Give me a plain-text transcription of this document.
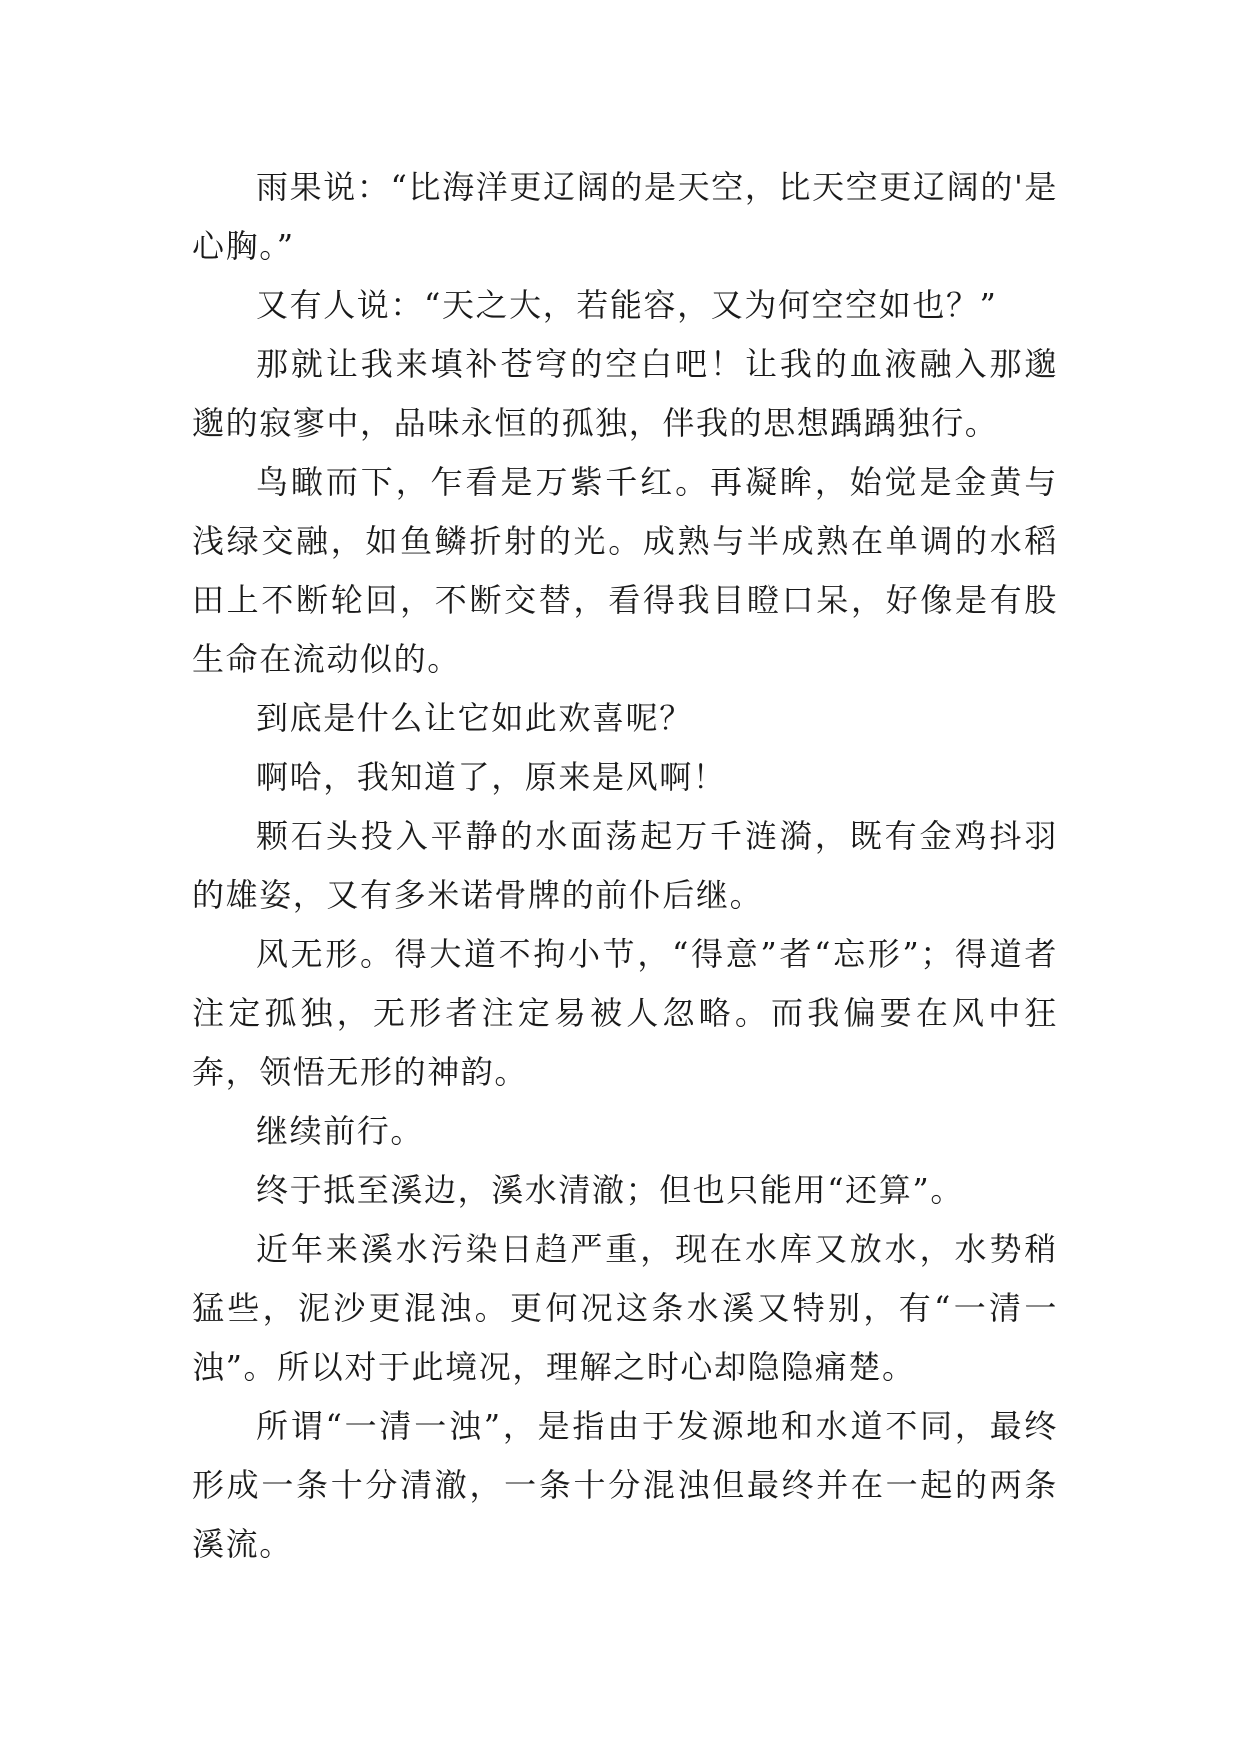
雨果说：“比海洋更辽阔的是天空，比天空更辽阔的'是心胸。”

又有人说：“天之大，若能容，又为何空空如也？”

那就让我来填补苍穹的空白吧！让我的血液融入那邈邈的寂寥中，品味永恒的孤独，伴我的思想踽踽独行。

鸟瞰而下，乍看是万紫千红。再凝眸，始觉是金黄与浅绿交融，如鱼鳞折射的光。成熟与半成熟在单调的水稻田上不断轮回，不断交替，看得我目瞪口呆，好像是有股生命在流动似的。

到底是什么让它如此欢喜呢？

啊哈，我知道了，原来是风啊！

颗石头投入平静的水面荡起万千涟漪，既有金鸡抖羽的雄姿，又有多米诺骨牌的前仆后继。

风无形。得大道不拘小节，“得意”者“忘形”；得道者注定孤独，无形者注定易被人忽略。而我偏要在风中狂奔，领悟无形的神韵。

继续前行。

终于抵至溪边，溪水清澈；但也只能用“还算”。

近年来溪水污染日趋严重，现在水库又放水，水势稍猛些，泥沙更混浊。更何况这条水溪又特别，有“一清一浊”。所以对于此境况，理解之时心却隐隐痛楚。

所谓“一清一浊”，是指由于发源地和水道不同，最终形成一条十分清澈，一条十分混浊但最终并在一起的两条溪流。
